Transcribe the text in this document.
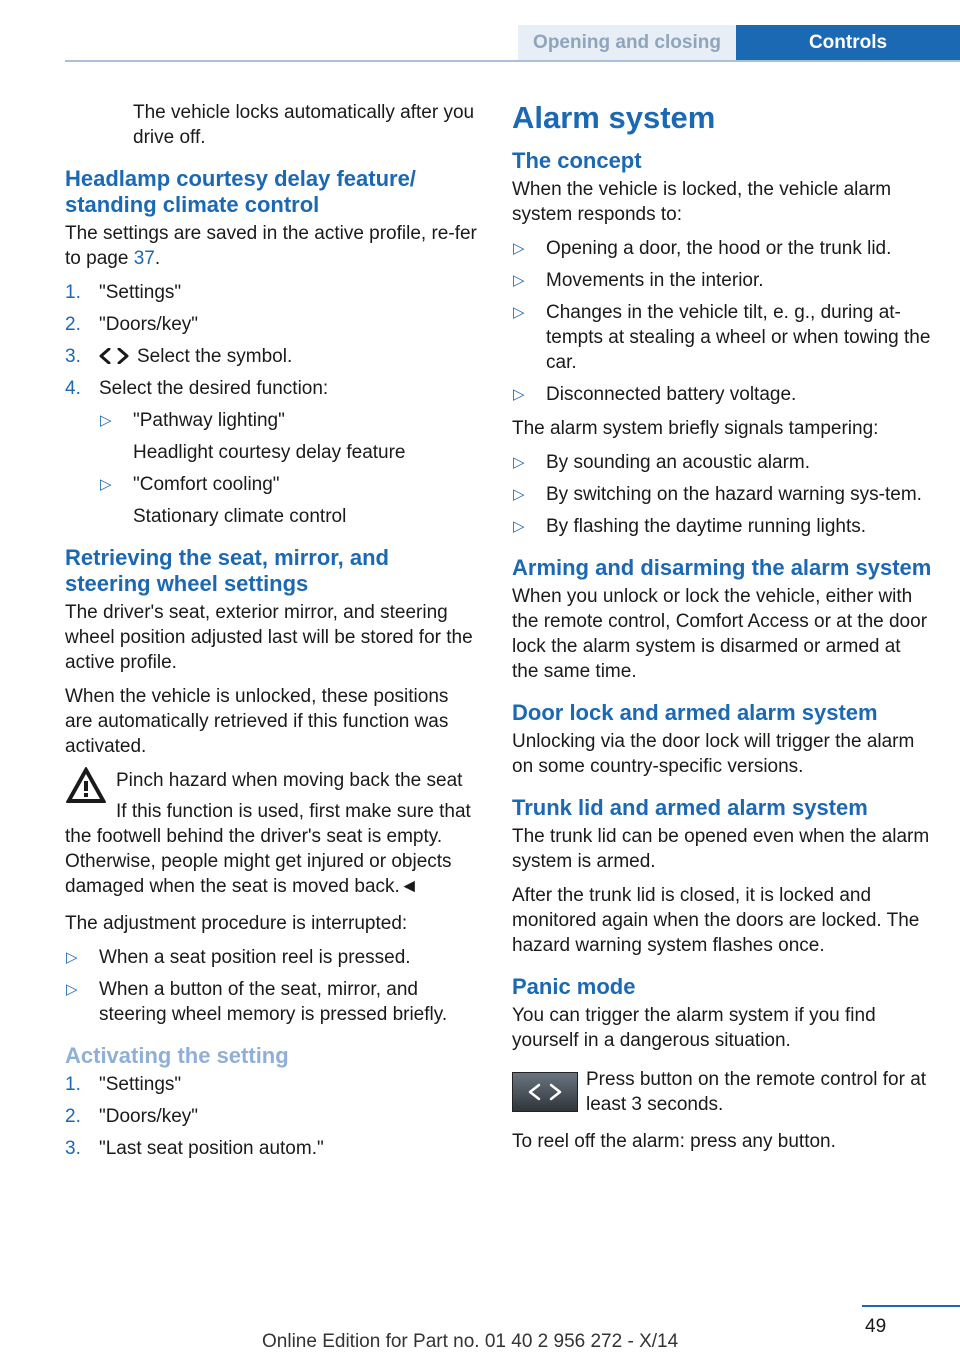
Opening and closing	Controls

The vehicle locks automatically after you drive off.

Headlamp courtesy delay feature/ standing climate control

The settings are saved in the active profile, re‐fer to page 37.

1. "Settings"
2. "Doors/key"
3.	Select the symbol.
4. Select the desired function:
▷ "Pathway lighting"
Headlight courtesy delay feature
▷ "Comfort cooling"
Stationary climate control
Retrieving the seat, mirror, and steering wheel settings

The driver's seat, exterior mirror, and steering wheel position adjusted last will be stored for the active profile.

When the vehicle is unlocked, these positions are automatically retrieved if this function was activated.

Pinch hazard when moving back the seat

If this function is used, first make sure that the footwell behind the driver's seat is empty. Otherwise, people might get injured or objects damaged when the seat is moved back.◄

The adjustment procedure is interrupted:

▷ When a seat position reel is pressed.
▷ When a button of the seat, mirror, and steering wheel memory is pressed briefly.
Activating the setting
1. "Settings"
2. "Doors/key"
3. "Last seat position autom."
Alarm system
The concept

When the vehicle is locked, the vehicle alarm system responds to:

▷ Opening a door, the hood or the trunk lid.
▷ Movements in the interior.
▷ Changes in the vehicle tilt, e. g., during at‐tempts at stealing a wheel or when towing the car.
▷ Disconnected battery voltage.

The alarm system briefly signals tampering:

▷ By sounding an acoustic alarm.
▷ By switching on the hazard warning sys‐tem.
▷ By flashing the daytime running lights.
Arming and disarming the alarm system

When you unlock or lock the vehicle, either with the remote control, Comfort Access or at the door lock the alarm system is disarmed or armed at the same time.

Door lock and armed alarm system

Unlocking via the door lock will trigger the alarm on some country-specific versions.

Trunk lid and armed alarm system

The trunk lid can be opened even when the alarm system is armed.

After the trunk lid is closed, it is locked and monitored again when the doors are locked. The hazard warning system flashes once.

Panic mode

You can trigger the alarm system if you find yourself in a dangerous situation.

Press button on the remote control for at least 3 seconds.

To reel off the alarm: press any button.

49
Online Edition for Part no. 01 40 2 956 272 - X/14
